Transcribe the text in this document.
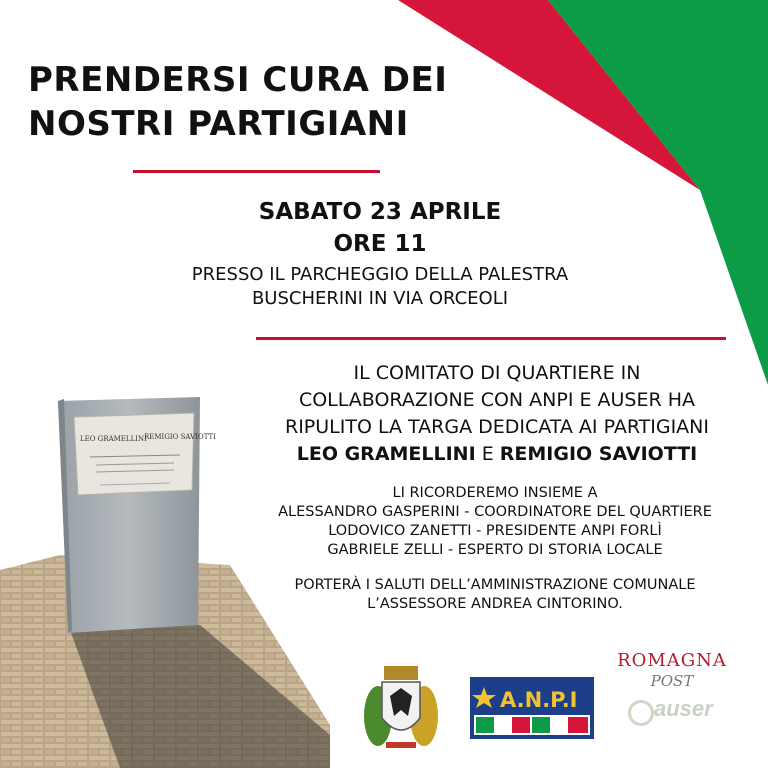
PRENDERSI CURA DEI
NOSTRI PARTIGIANI
SABATO 23 APRILE
ORE 11
PRESSO IL PARCHEGGIO DELLA PALESTRA
BUSCHERINI IN VIA ORCEOLI
IL COMITATO DI QUARTIERE IN
COLLABORAZIONE CON ANPI E AUSER HA
RIPULITO LA TARGA DEDICATA AI PARTIGIANI
LEO GRAMELLINI E REMIGIO SAVIOTTI
LI RICORDEREMO INSIEME A
ALESSANDRO GASPERINI - COORDINATORE DEL QUARTIERE
LODOVICO ZANETTI - PRESIDENTE ANPI FORLÌ
GABRIELE ZELLI - ESPERTO DI STORIA LOCALE
PORTERÀ I SALUTI DELL’AMMINISTRAZIONE COMUNALE
L’ASSESSORE ANDREA CINTORINO.
LEO GRAMELLINI
REMIGIO SAVIOTTI
A.N.P.I
ROMAGNA
POST
auser
